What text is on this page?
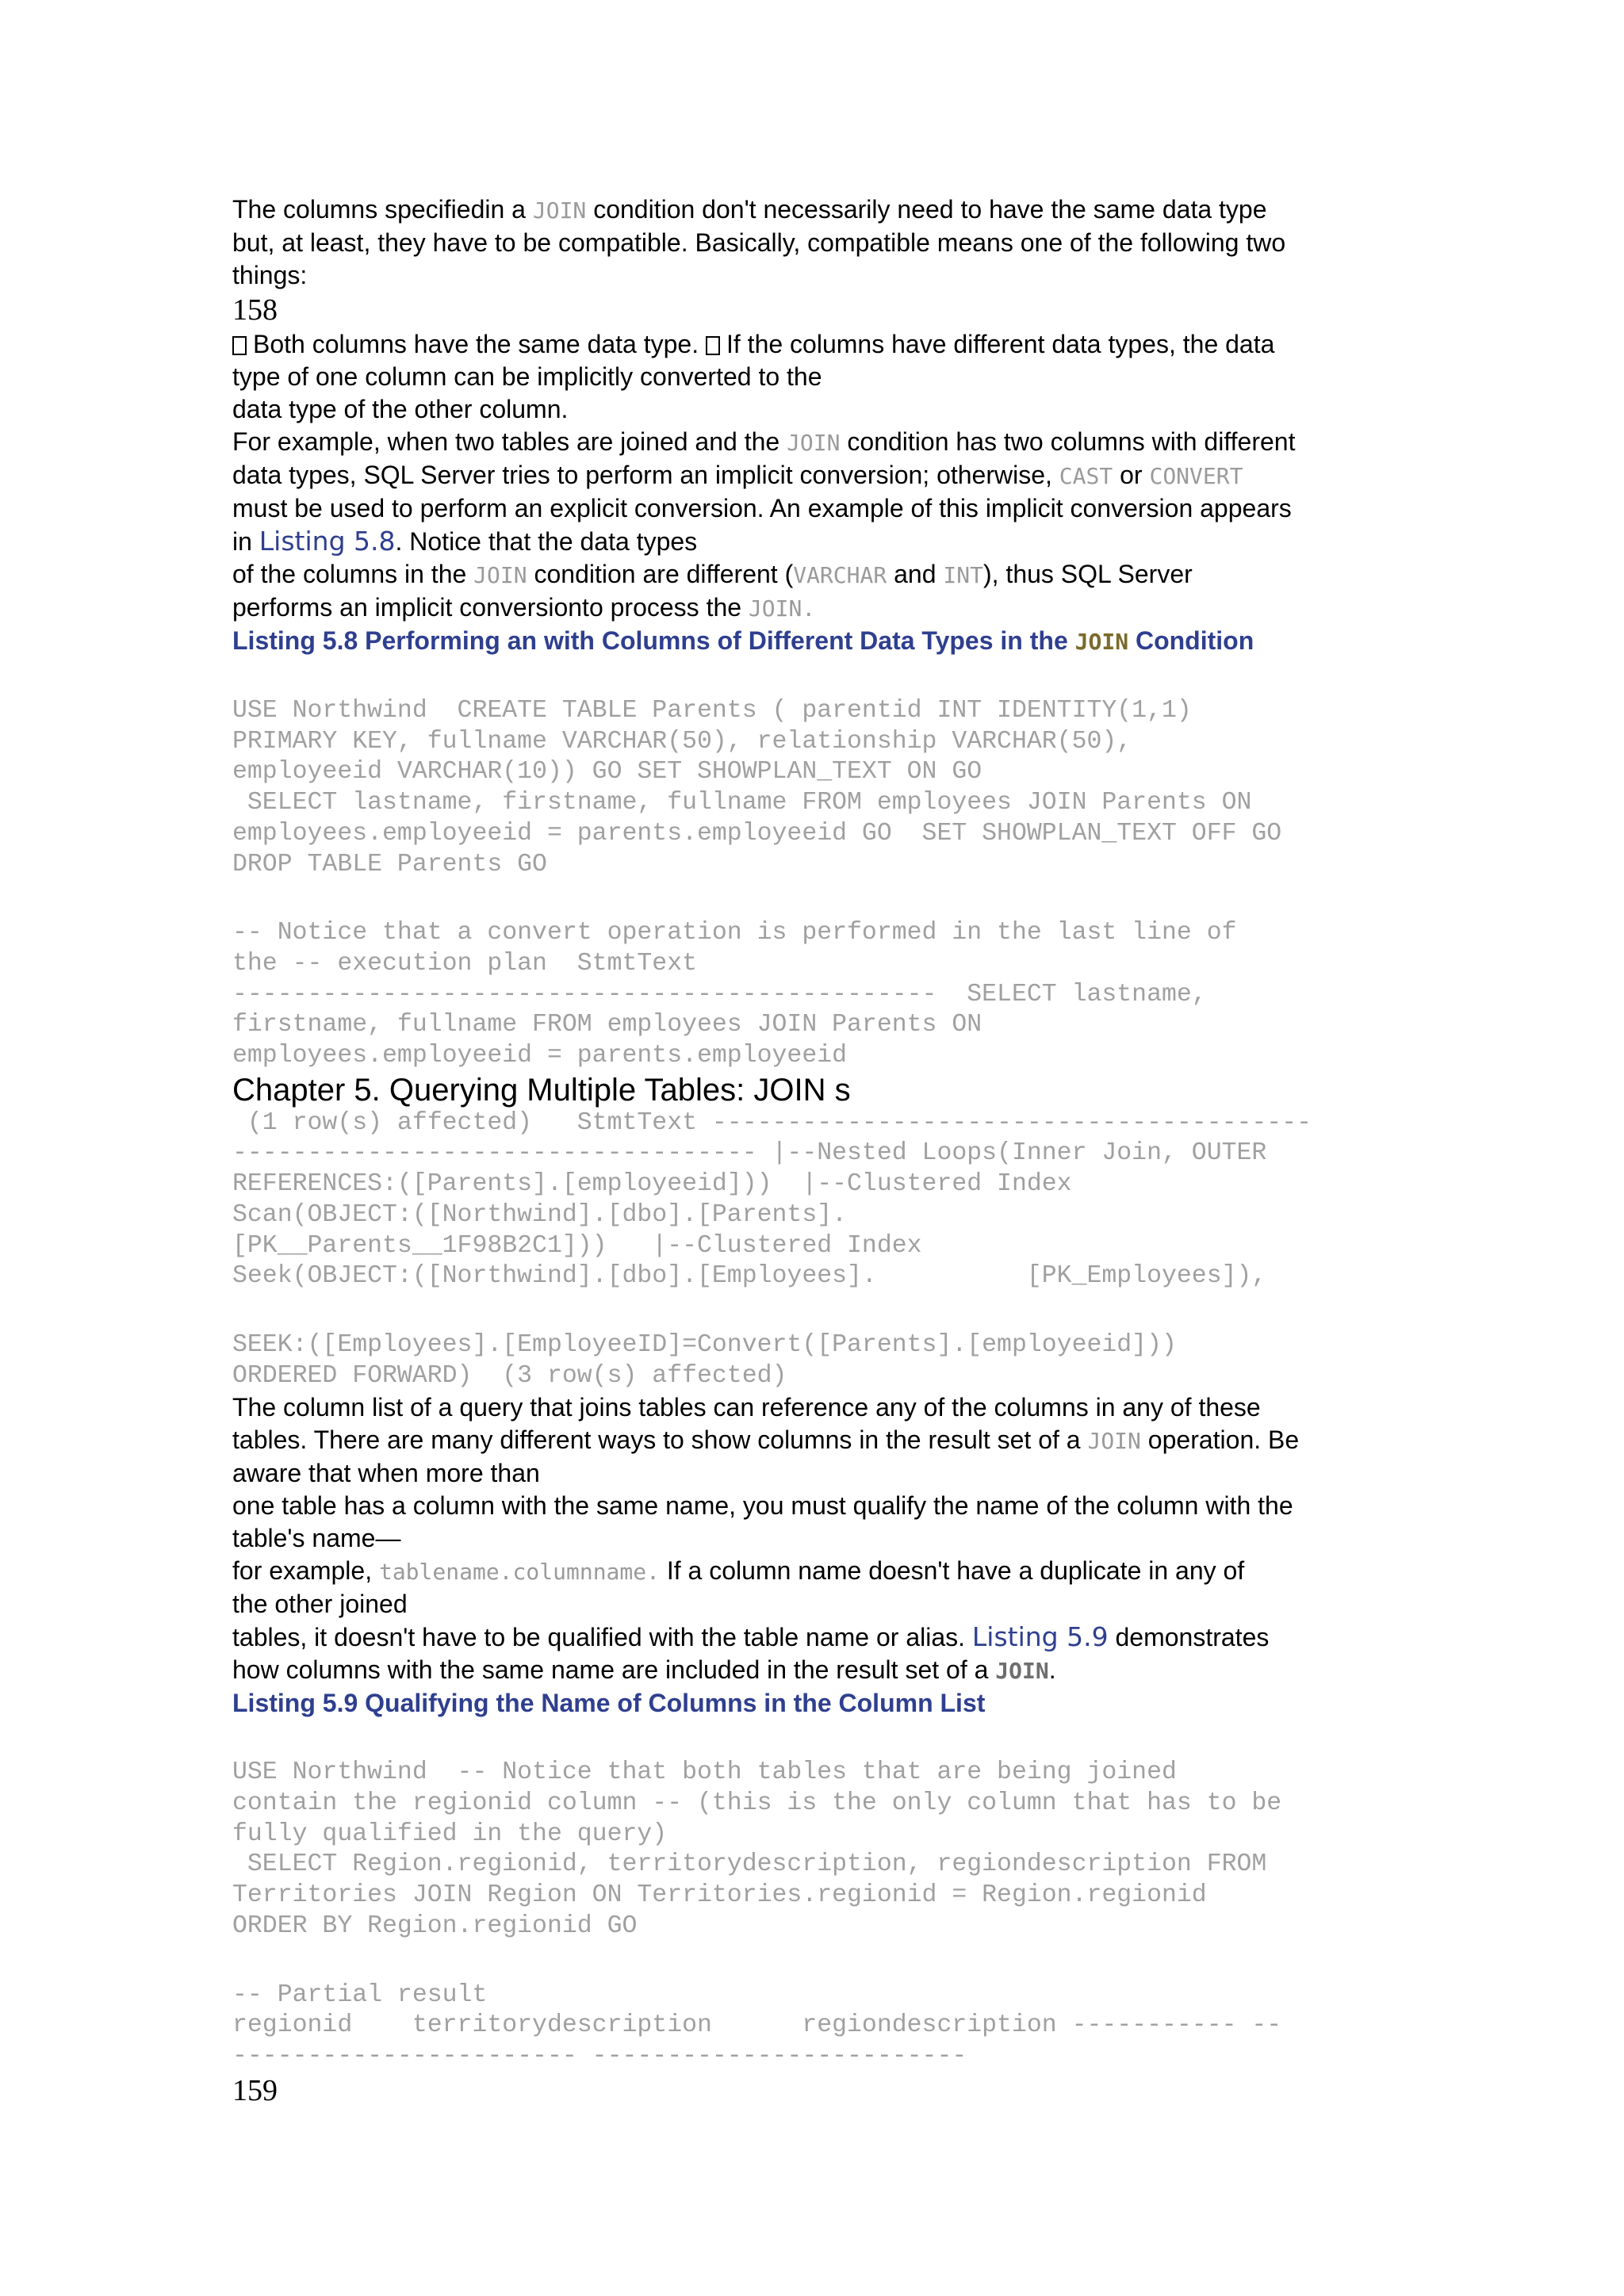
The columns specifiedin a JOIN condition don't necessarily need to have the same data type
but, at least, they have to be compatible. Basically, compatible means one of the following two
things:

158

Both columns have the same data type. If the columns have different data types, the data
type of one column can be implicitly converted to the
data type of the other column.

For example, when two tables are joined and the JOIN condition has two columns with different
data types, SQL Server tries to perform an implicit conversion; otherwise, CAST or CONVERT
must be used to perform an explicit conversion. An example of this implicit conversion appears
in Listing 5.8. Notice that the data types
of the columns in the JOIN condition are different (VARCHAR and INT), thus SQL Server
performs an implicit conversionto process the JOIN.

Listing 5.8 Performing an with Columns of Different Data Types in the JOIN Condition

USE Northwind  CREATE TABLE Parents ( parentid INT IDENTITY(1,1)
PRIMARY KEY, fullname VARCHAR(50), relationship VARCHAR(50),
employeeid VARCHAR(10)) GO SET SHOWPLAN_TEXT ON GO
SELECT lastname, firstname, fullname FROM employees JOIN Parents ON
employees.employeeid = parents.employeeid GO  SET SHOWPLAN_TEXT OFF GO
DROP TABLE Parents GO
-- Notice that a convert operation is performed in the last line of
the -- execution plan  StmtText
-----------------------------------------------  SELECT lastname,
firstname, fullname FROM employees JOIN Parents ON
employees.employeeid = parents.employeeid

Chapter 5. Querying Multiple Tables: JOIN s

(1 row(s) affected)   StmtText ----------------------------------------
----------------------------------- |--Nested Loops(Inner Join, OUTER
REFERENCES:([Parents].[employeeid]))  |--Clustered Index
Scan(OBJECT:([Northwind].[dbo].[Parents].
[PK__Parents__1F98B2C1]))   |--Clustered Index
Seek(OBJECT:([Northwind].[dbo].[Employees].          [PK_Employees]),
SEEK:([Employees].[EmployeeID]=Convert([Parents].[employeeid]))
ORDERED FORWARD)  (3 row(s) affected)

The column list of a query that joins tables can reference any of the columns in any of these
tables. There are many different ways to show columns in the result set of a JOIN operation. Be
aware that when more than
one table has a column with the same name, you must qualify the name of the column with the
table's name—
for example, tablename.columnname. If a column name doesn't have a duplicate in any of
the other joined
tables, it doesn't have to be qualified with the table name or alias. Listing 5.9 demonstrates
how columns with the same name are included in the result set of a JOIN.

Listing 5.9 Qualifying the Name of Columns in the Column List

USE Northwind  -- Notice that both tables that are being joined
contain the regionid column -- (this is the only column that has to be
fully qualified in the query)
SELECT Region.regionid, territorydescription, regiondescription FROM
Territories JOIN Region ON Territories.regionid = Region.regionid
ORDER BY Region.regionid GO
-- Partial result
regionid    territorydescription      regiondescription ----------- --
----------------------- -------------------------

159
